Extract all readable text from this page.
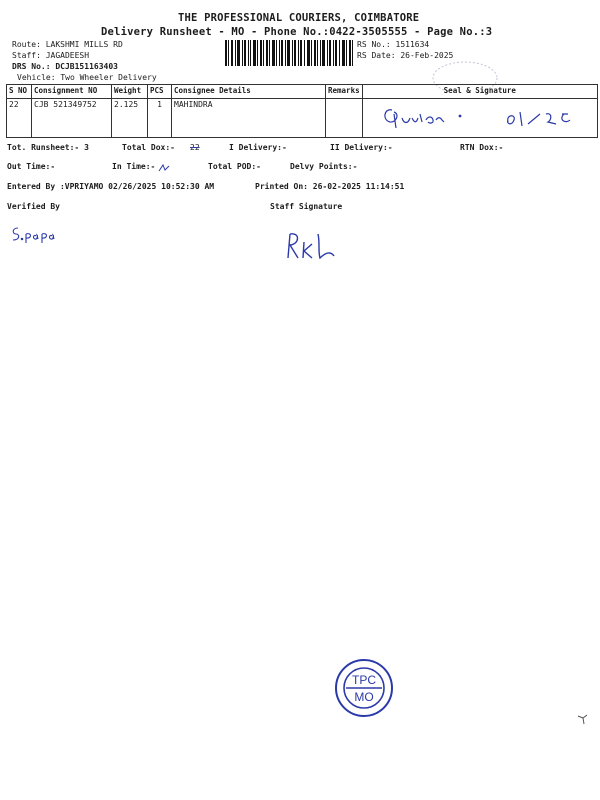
THE PROFESSIONAL COURIERS, COIMBATORE
Delivery Runsheet - MO - Phone No.:0422-3505555 - Page No.:3
Route: LAKSHMI MILLS RD
Staff: JAGADEESH
DRS No.: DCJB151163403
Vehicle: Two Wheeler Delivery
RS No.: 1511634
RS Date: 26-Feb-2025
S NO	Consignment NO	Weight	PCS	Consignee Details	Remarks	Seal & Signature
22	CJB 521349752	2.125	1	MAHINDRA		
Tot. Runsheet:- 3	Total Dox:- 22	I Delivery:-	II Delivery:-	RTN Dox:-
Out Time:-	In Time:-	Total POD:-	Delvy Points:-
Entered By :VPRIYAMO 02/26/2025 10:52:30 AM	Printed On: 26-02-2025 11:14:51
Verified By	Staff Signature
TPC
MO
